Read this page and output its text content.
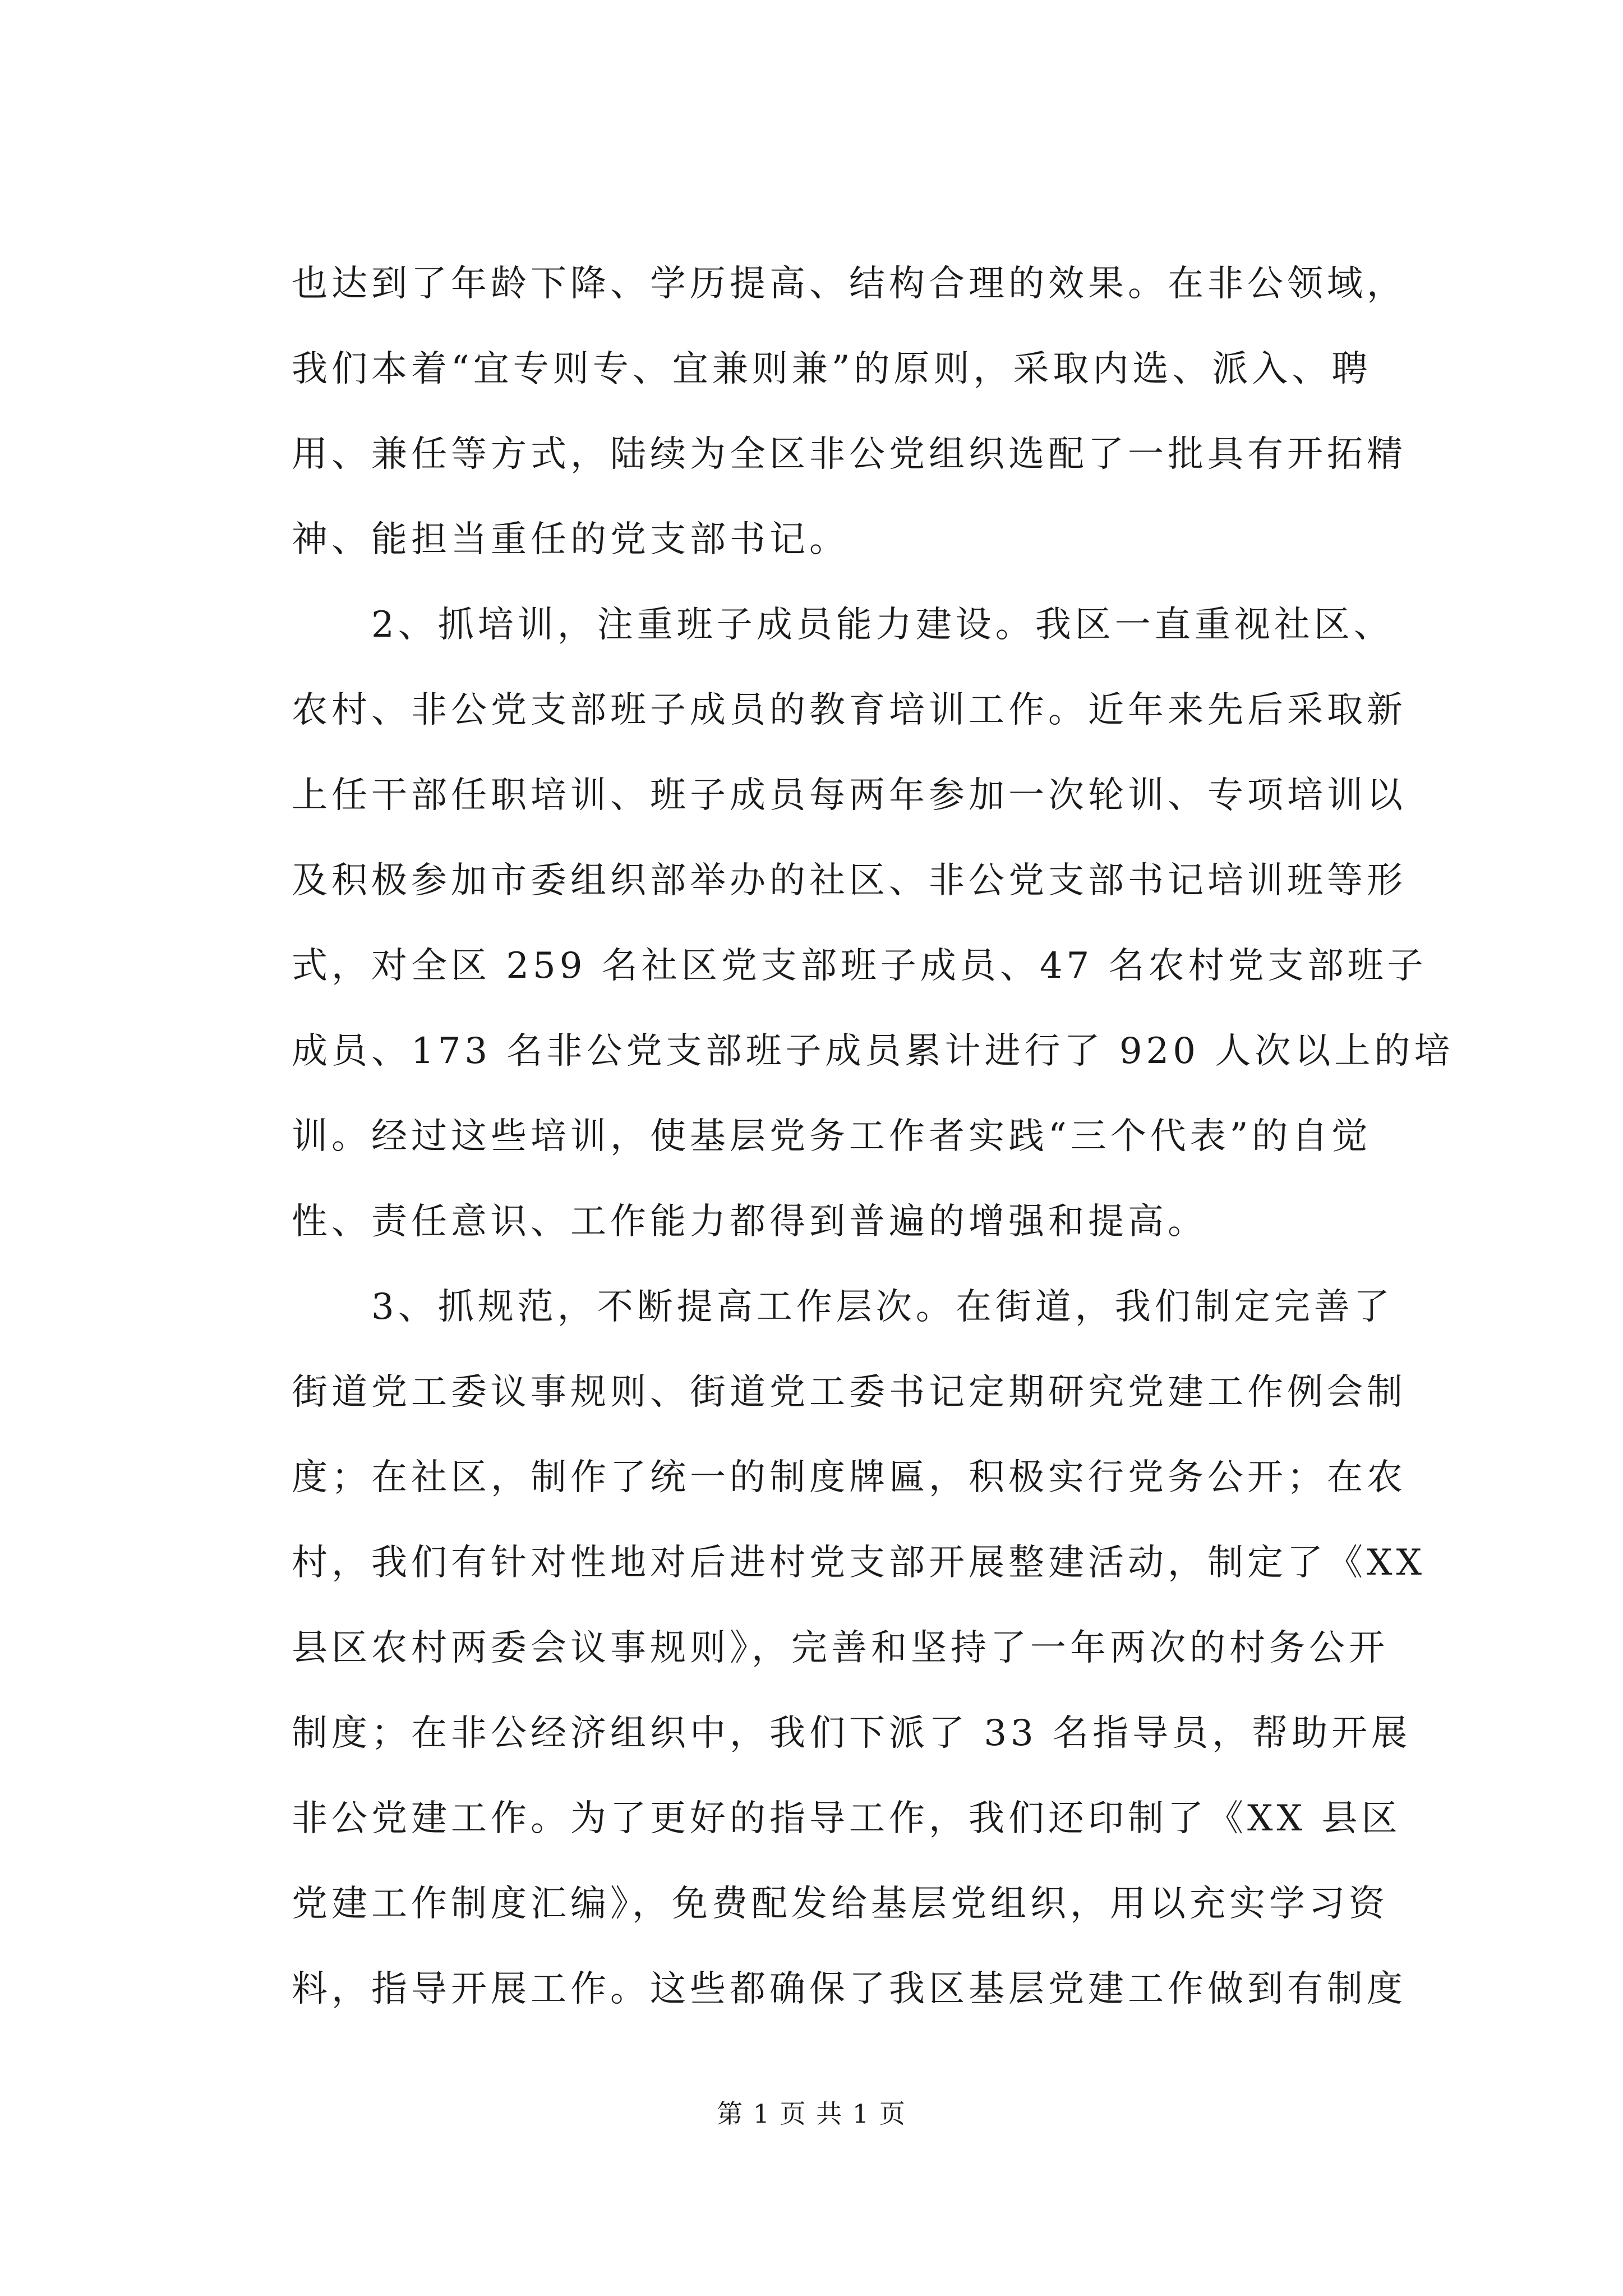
也达到了年龄下降、学历提高、结构合理的效果。在非公领域，
我们本着“宜专则专、宜兼则兼”的原则，采取内选、派入、聘
用、兼任等方式，陆续为全区非公党组织选配了一批具有开拓精
神、能担当重任的党支部书记。
　　2、抓培训，注重班子成员能力建设。我区一直重视社区、
农村、非公党支部班子成员的教育培训工作。近年来先后采取新
上任干部任职培训、班子成员每两年参加一次轮训、专项培训以
及积极参加市委组织部举办的社区、非公党支部书记培训班等形
式，对全区 259 名社区党支部班子成员、47 名农村党支部班子
成员、173 名非公党支部班子成员累计进行了 920 人次以上的培
训。经过这些培训，使基层党务工作者实践“三个代表”的自觉
性、责任意识、工作能力都得到普遍的增强和提高。
　　3、抓规范，不断提高工作层次。在街道，我们制定完善了
街道党工委议事规则、街道党工委书记定期研究党建工作例会制
度；在社区，制作了统一的制度牌匾，积极实行党务公开；在农
村，我们有针对性地对后进村党支部开展整建活动，制定了《XX
县区农村两委会议事规则》，完善和坚持了一年两次的村务公开
制度；在非公经济组织中，我们下派了 33 名指导员，帮助开展
非公党建工作。为了更好的指导工作，我们还印制了《XX 县区
党建工作制度汇编》，免费配发给基层党组织，用以充实学习资
料，指导开展工作。这些都确保了我区基层党建工作做到有制度
第 1 页 共 1 页
